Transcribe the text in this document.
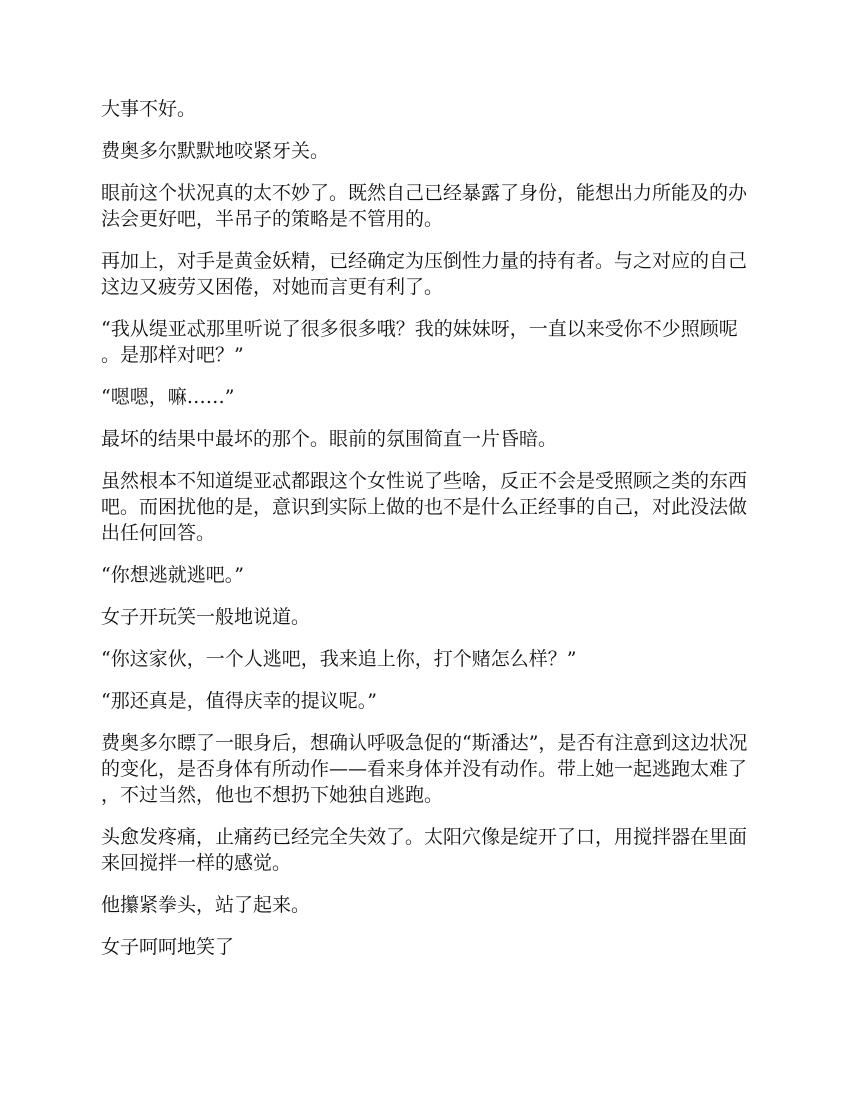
大事不好。

费奥多尔默默地咬紧牙关。

眼前这个状况真的太不妙了。既然自己已经暴露了身份，能想出力所能及的办法会更好吧，半吊子的策略是不管用的。

再加上，对手是黄金妖精，已经确定为压倒性力量的持有者。与之对应的自己这边又疲劳又困倦，对她而言更有利了。

“我从缇亚忒那里听说了很多很多哦？我的妹妹呀，一直以来受你不少照顾呢。是那样对吧？”

“嗯嗯，嘛……”

最坏的结果中最坏的那个。眼前的氛围简直一片昏暗。

虽然根本不知道缇亚忒都跟这个女性说了些啥，反正不会是受照顾之类的东西吧。而困扰他的是，意识到实际上做的也不是什么正经事的自己，对此没法做出任何回答。

“你想逃就逃吧。”

女子开玩笑一般地说道。

“你这家伙，一个人逃吧，我来追上你，打个赌怎么样？”

“那还真是，值得庆幸的提议呢。”

费奥多尔瞟了一眼身后，想确认呼吸急促的“斯潘达”，是否有注意到这边状况的变化，是否身体有所动作——看来身体并没有动作。带上她一起逃跑太难了，不过当然，他也不想扔下她独自逃跑。

头愈发疼痛，止痛药已经完全失效了。太阳穴像是绽开了口，用搅拌器在里面来回搅拌一样的感觉。

他攥紧拳头，站了起来。

女子呵呵地笑了
